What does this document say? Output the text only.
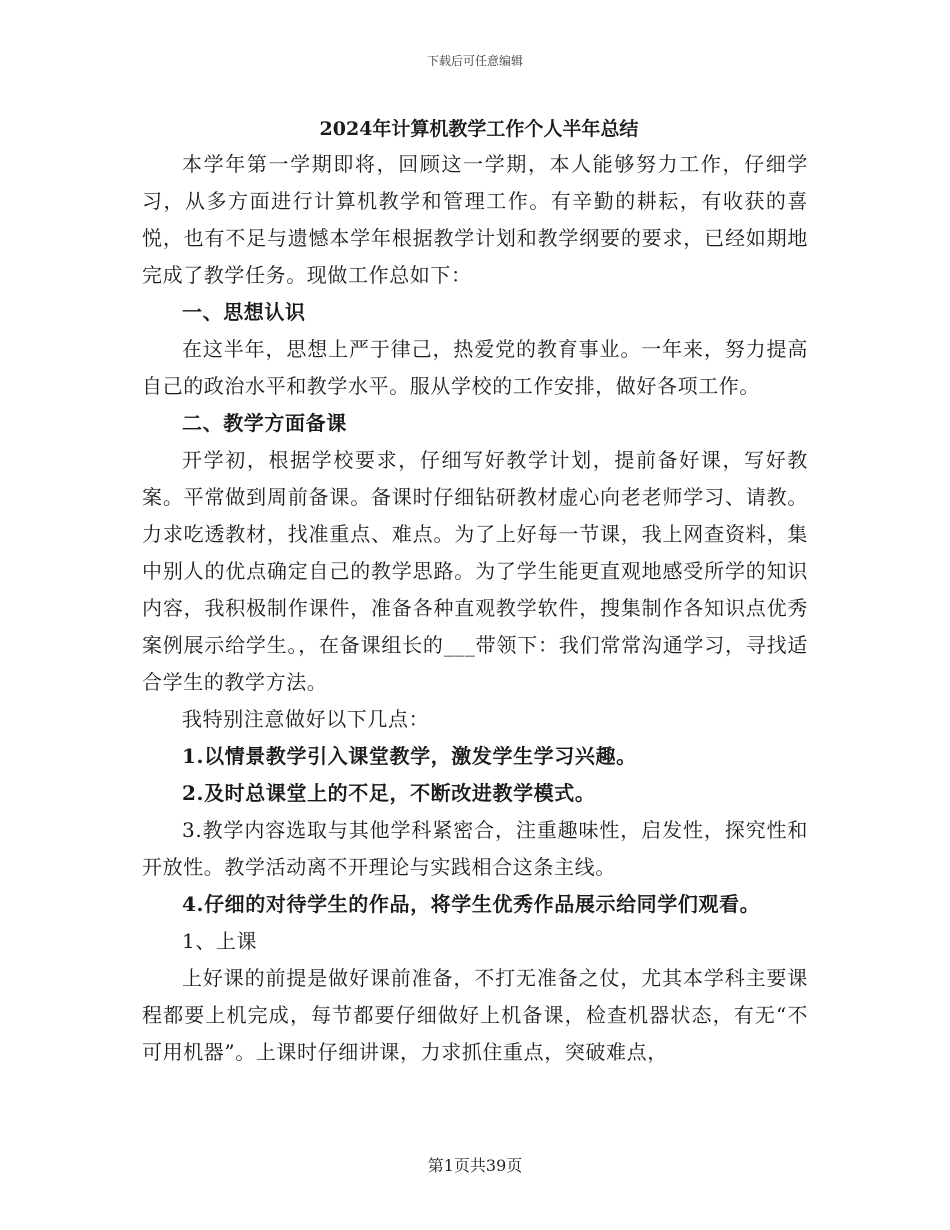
下载后可任意编辑
2024年计算机教学工作个人半年总结

本学年第一学期即将，回顾这一学期，本人能够努力工作，仔细学习，从多方面进行计算机教学和管理工作。有辛勤的耕耘，有收获的喜悦，也有不足与遗憾本学年根据教学计划和教学纲要的要求，已经如期地完成了教学任务。现做工作总如下：

一、思想认识

在这半年，思想上严于律己，热爱党的教育事业。一年来，努力提高自己的政治水平和教学水平。服从学校的工作安排，做好各项工作。

二、教学方面备课

开学初，根据学校要求，仔细写好教学计划，提前备好课，写好教案。平常做到周前备课。备课时仔细钻研教材虚心向老老师学习、请教。力求吃透教材，找准重点、难点。为了上好每一节课，我上网查资料，集中别人的优点确定自己的教学思路。为了学生能更直观地感受所学的知识内容，我积极制作课件，准备各种直观教学软件，搜集制作各知识点优秀案例展示给学生。，在备课组长的___带领下：我们常常沟通学习，寻找适合学生的教学方法。

我特别注意做好以下几点：

1.以情景教学引入课堂教学，激发学生学习兴趣。

2.及时总课堂上的不足，不断改进教学模式。

3.教学内容选取与其他学科紧密合，注重趣味性，启发性，探究性和开放性。教学活动离不开理论与实践相合这条主线。

4.仔细的对待学生的作品，将学生优秀作品展示给同学们观看。

1、上课

上好课的前提是做好课前准备，不打无准备之仗，尤其本学科主要课程都要上机完成，每节都要仔细做好上机备课，检查机器状态，有无“不可用机器”。上课时仔细讲课，力求抓住重点，突破难点，

第1页共39页
